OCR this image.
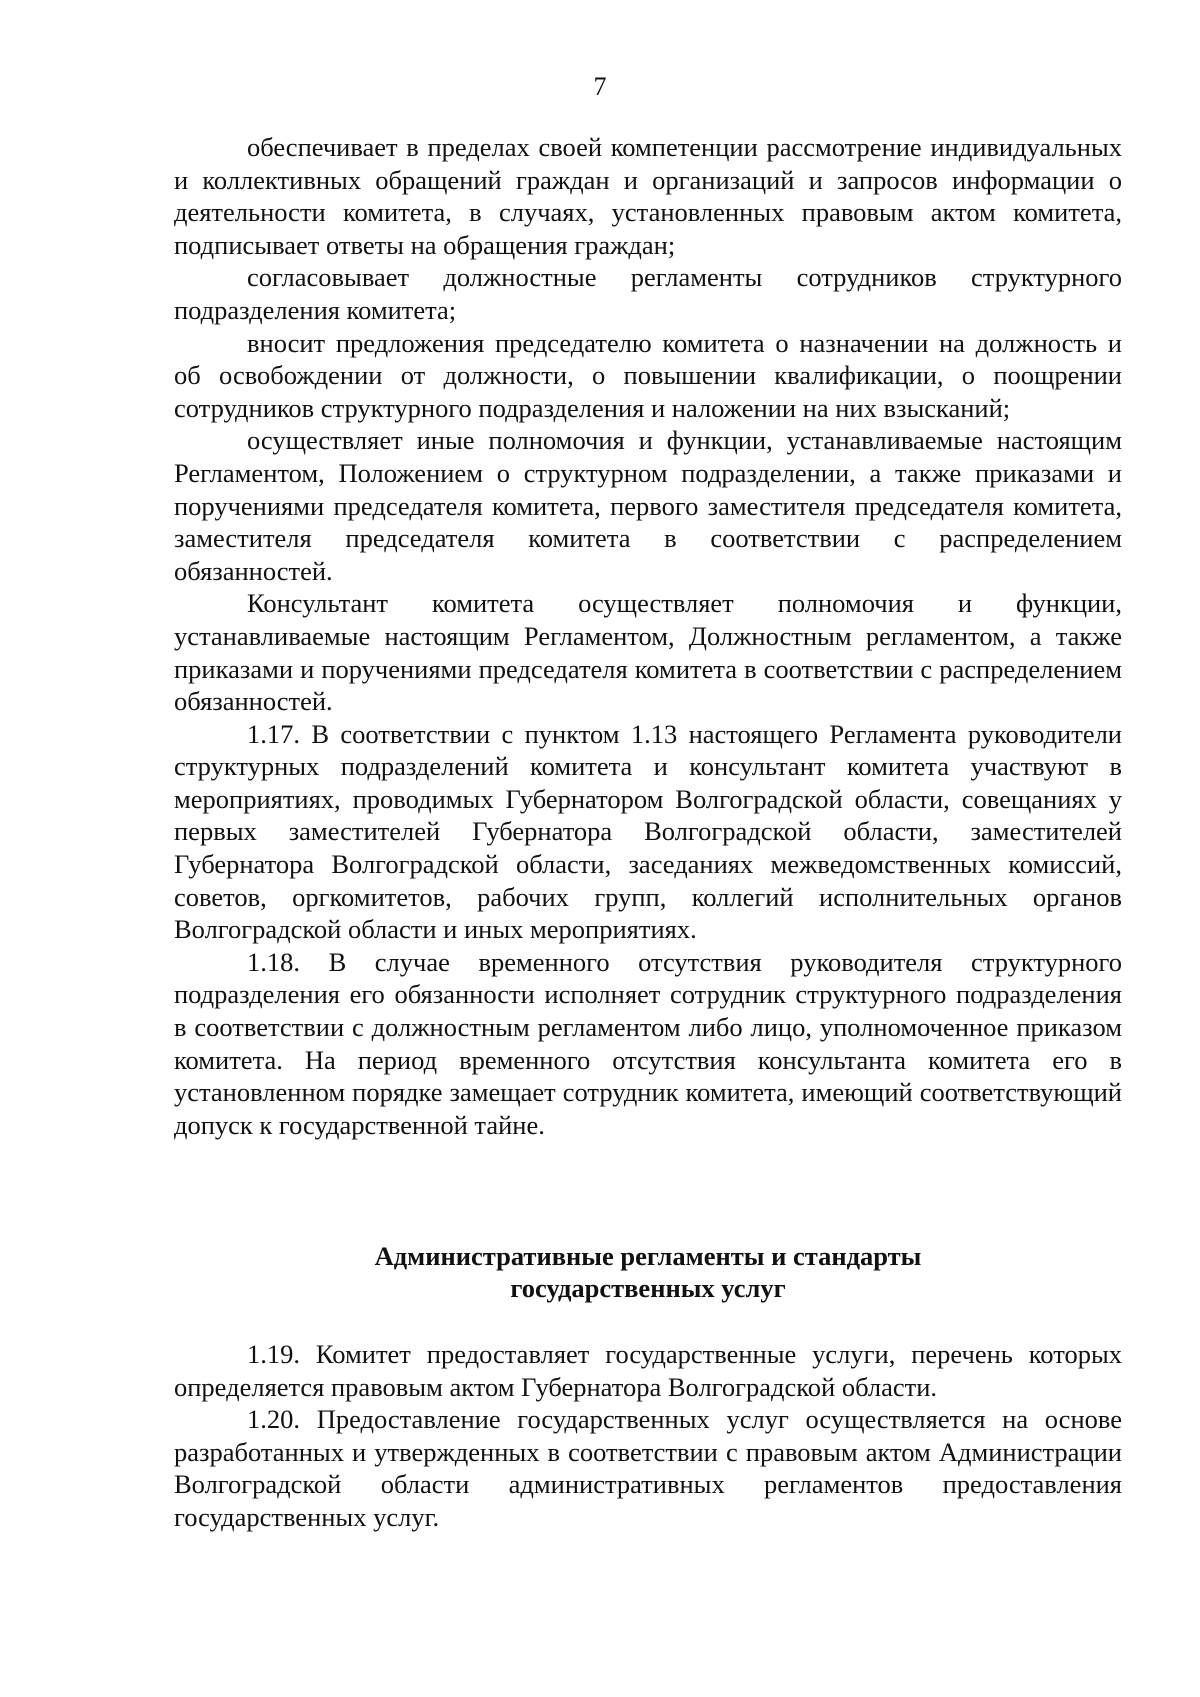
7

обеспечивает в пределах своей компетенции рассмотрение индивидуальных и коллективных обращений граждан и организаций и запросов информации о деятельности комитета, в случаях, установленных правовым актом комитета, подписывает ответы на обращения граждан;

согласовывает должностные регламенты сотрудников структурного подразделения комитета;

вносит предложения председателю комитета о назначении на должность и об освобождении от должности, о повышении квалификации, о поощрении сотрудников структурного подразделения и наложении на них взысканий;

осуществляет иные полномочия и функции, устанавливаемые настоящим Регламентом, Положением о структурном подразделении, а также приказами и поручениями председателя комитета, первого заместителя председателя комитета, заместителя председателя комитета в соответствии с распределением обязанностей.

Консультант комитета осуществляет полномочия и функции, устанавливаемые настоящим Регламентом, Должностным регламентом, а также приказами и поручениями председателя комитета в соответствии с распределением обязанностей.

1.17. В соответствии с пунктом 1.13 настоящего Регламента руководители структурных подразделений комитета и консультант комитета участвуют в мероприятиях, проводимых Губернатором Волгоградской области, совещаниях у первых заместителей Губернатора Волгоградской области, заместителей Губернатора Волгоградской области, заседаниях межведомственных комиссий, советов, оргкомитетов, рабочих групп, коллегий исполнительных органов Волгоградской области и иных мероприятиях.

1.18. В случае временного отсутствия руководителя структурного подразделения его обязанности исполняет сотрудник структурного подразделения в соответствии с должностным регламентом либо лицо, уполномоченное приказом комитета. На период временного отсутствия консультанта комитета его в установленном порядке замещает сотрудник комитета, имеющий соответствующий допуск к государственной тайне.

Административные регламенты и стандарты
государственных услуг

1.19. Комитет предоставляет государственные услуги, перечень которых определяется правовым актом Губернатора Волгоградской области.

1.20. Предоставление государственных услуг осуществляется на основе разработанных и утвержденных в соответствии с правовым актом Администрации Волгоградской области административных регламентов предоставления государственных услуг.
